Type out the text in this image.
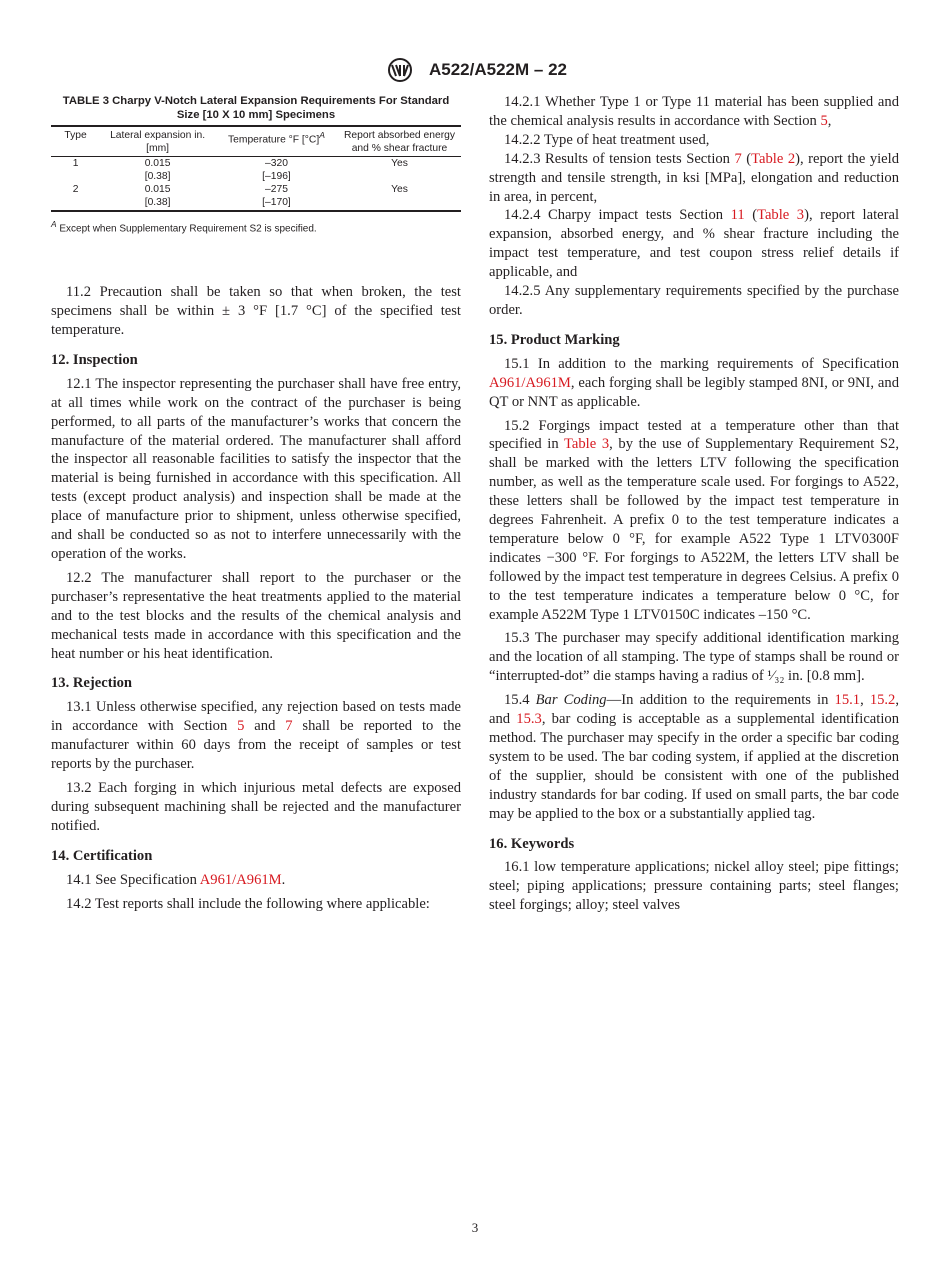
A522/A522M – 22
TABLE 3 Charpy V-Notch Lateral Expansion Requirements For Standard Size [10 X 10 mm] Specimens
Type	Lateral expansion in. [mm]	Temperature °F $[^\circ C]^A$	Report absorbed energy and % shear fracture
1	0.015	–320	Yes
	[0.38]	[–196]	
2	0.015	–275	Yes
	[0.38]	[–170]	
$^A$ Except when Supplementary Requirement S2 is specified.

11.2 Precaution shall be taken so that when broken, the test specimens shall be within ± 3 °F [1.7 °C] of the specified test temperature.

12. Inspection

12.1 The inspector representing the purchaser shall have free entry, at all times while work on the contract of the purchaser is being performed, to all parts of the manufacturer’s works that concern the manufacture of the material ordered. The manufacturer shall afford the inspector all reasonable facilities to satisfy the inspector that the material is being furnished in accordance with this specification. All tests (except product analysis) and inspection shall be made at the place of manufacture prior to shipment, unless otherwise specified, and shall be conducted so as not to interfere unnecessarily with the operation of the works.

12.2 The manufacturer shall report to the purchaser or the purchaser’s representative the heat treatments applied to the material and to the test blocks and the results of the chemical analysis and mechanical tests made in accordance with this specification and the heat number or his heat identification.

13. Rejection

13.1 Unless otherwise specified, any rejection based on tests made in accordance with Section 5 and 7 shall be reported to the manufacturer within 60 days from the receipt of samples or test reports by the purchaser.

13.2 Each forging in which injurious metal defects are exposed during subsequent machining shall be rejected and the manufacturer notified.

14. Certification

14.1 See Specification A961/A961M.

14.2 Test reports shall include the following where applicable:

14.2.1 Whether Type 1 or Type 11 material has been supplied and the chemical analysis results in accordance with Section 5,

14.2.2 Type of heat treatment used,

14.2.3 Results of tension tests Section 7 (Table 2), report the yield strength and tensile strength, in ksi [MPa], elongation and reduction in area, in percent,

14.2.4 Charpy impact tests Section 11 (Table 3), report lateral expansion, absorbed energy, and % shear fracture including the impact test temperature, and test coupon stress relief details if applicable, and

14.2.5 Any supplementary requirements specified by the purchase order.

15. Product Marking

15.1 In addition to the marking requirements of Specification A961/A961M, each forging shall be legibly stamped 8NI, or 9NI, and QT or NNT as applicable.

15.2 Forgings impact tested at a temperature other than that specified in Table 3, by the use of Supplementary Requirement S2, shall be marked with the letters LTV following the specification number, as well as the temperature scale used. For forgings to A522, these letters shall be followed by the impact test temperature in degrees Fahrenheit. A prefix 0 to the test temperature indicates a temperature below 0 °F, for example A522 Type 1 LTV0300F indicates −300 °F. For forgings to A522M, the letters LTV shall be followed by the impact test temperature in degrees Celsius. A prefix 0 to the test temperature indicates a temperature below 0 °C, for example A522M Type 1 LTV0150C indicates –150 °C.

15.3 The purchaser may specify additional identification marking and the location of all stamping. The type of stamps shall be round or “interrupted-dot” die stamps having a radius of ¹⁄₃₂ in. [0.8 mm].

15.4 Bar Coding—In addition to the requirements in 15.1, 15.2, and 15.3, bar coding is acceptable as a supplemental identification method. The purchaser may specify in the order a specific bar coding system to be used. The bar coding system, if applied at the discretion of the supplier, should be consistent with one of the published industry standards for bar coding. If used on small parts, the bar code may be applied to the box or a substantially applied tag.

16. Keywords

16.1 low temperature applications; nickel alloy steel; pipe fittings; steel; piping applications; pressure containing parts; steel flanges; steel forgings; alloy; steel valves

3
